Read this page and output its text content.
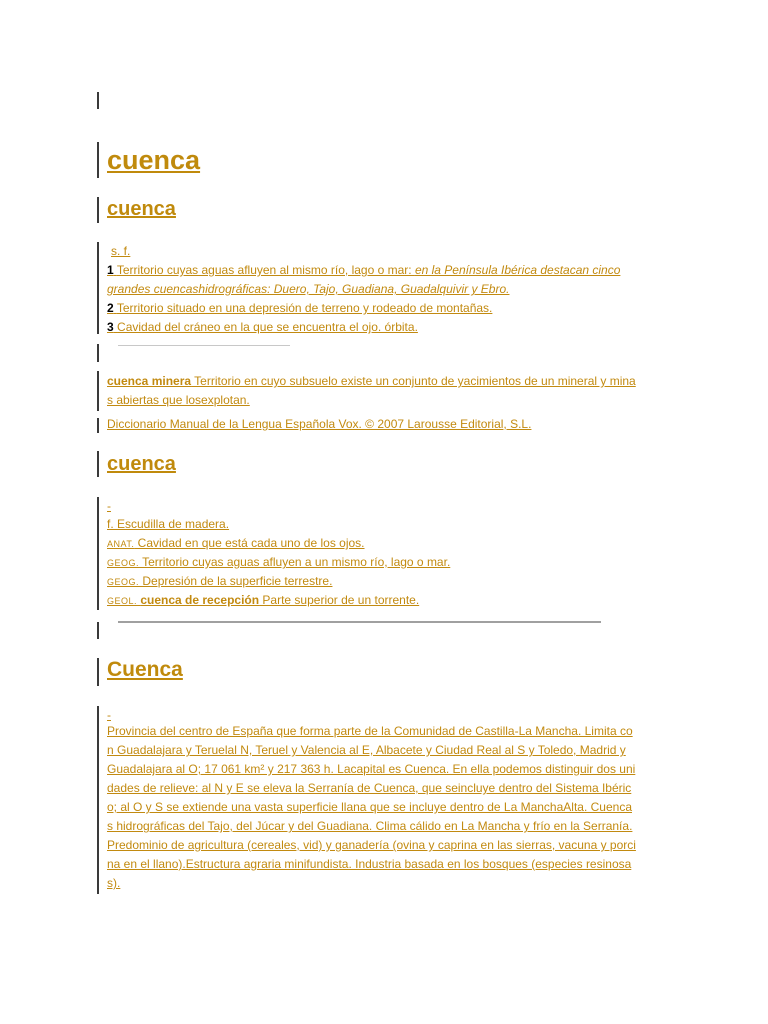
cuenca
cuenca
s. f.
1 Territorio cuyas aguas afluyen al mismo río, lago o mar: en la Península Ibérica destacan cinco
grandes cuencashidrográficas: Duero, Tajo, Guadiana, Guadalquivir y Ebro.
2 Territorio situado en una depresión de terreno y rodeado de montañas.
3 Cavidad del cráneo en la que se encuentra el ojo. órbita.
cuenca minera Territorio en cuyo subsuelo existe un conjunto de yacimientos de un mineral y mina
s abiertas que losexplotan.
Diccionario Manual de la Lengua Española Vox. © 2007 Larousse Editorial, S.L.
cuenca
-
f. Escudilla de madera.
ANAT. Cavidad en que está cada uno de los ojos.
GEOG. Territorio cuyas aguas afluyen a un mismo río, lago o mar.
GEOG. Depresión de la superficie terrestre.
GEOL. cuenca de recepción Parte superior de un torrente.
Cuenca
-
Provincia del centro de España que forma parte de la Comunidad de Castilla-La Mancha. Limita co
n Guadalajara y Teruelal N, Teruel y Valencia al E, Albacete y Ciudad Real al S y Toledo, Madrid y
Guadalajara al O; 17 061 km² y 217 363 h. Lacapital es Cuenca. En ella podemos distinguir dos uni
dades de relieve: al N y E se eleva la Serranía de Cuenca, que seincluye dentro del Sistema Ibéric
o; al O y S se extiende una vasta superficie llana que se incluye dentro de La ManchaAlta. Cuenca
s hidrográficas del Tajo, del Júcar y del Guadiana. Clima cálido en La Mancha y frío en la Serranía.
Predominio de agricultura (cereales, vid) y ganadería (ovina y caprina en las sierras, vacuna y porci
na en el llano).Estructura agraria minifundista. Industria basada en los bosques (especies resinosa
s).
